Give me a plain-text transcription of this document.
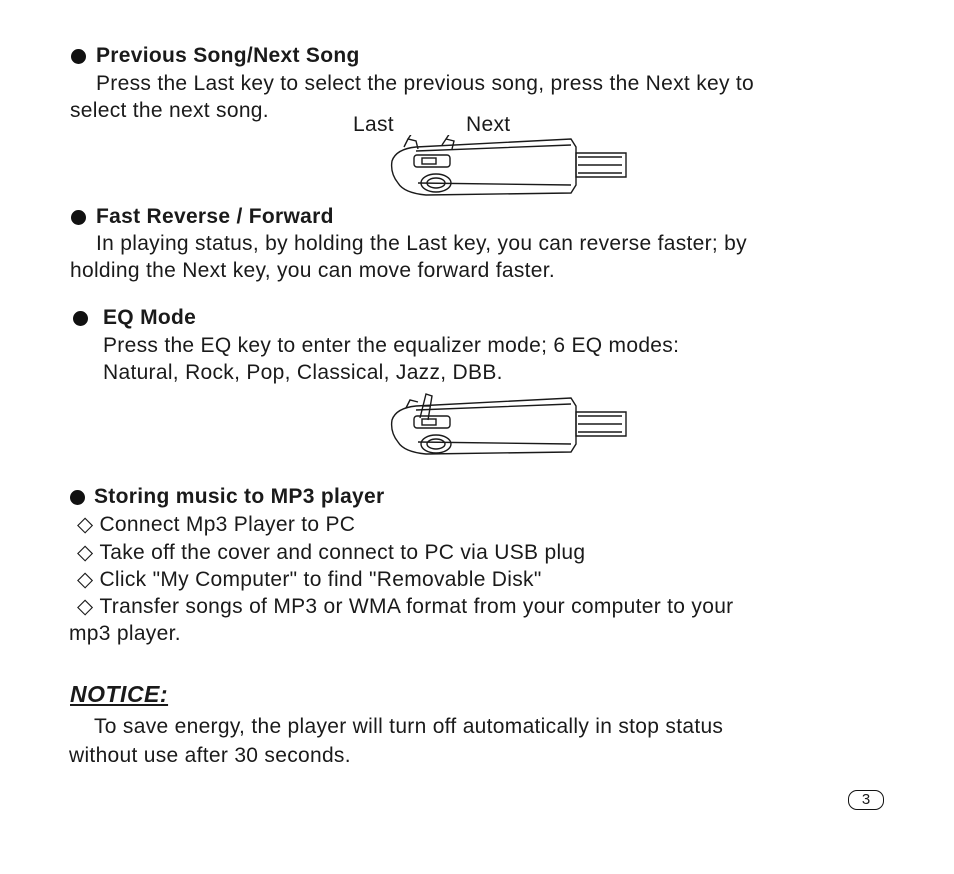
Previous Song/Next Song
Press the Last key to select the previous song, press the Next key to
select the next song.
Last	Next
Fast Reverse / Forward
In playing status, by holding the Last key, you can reverse faster; by
holding the Next key, you can move forward faster.
EQ Mode
Press the EQ key to enter the equalizer mode; 6 EQ modes:
Natural, Rock, Pop, Classical, Jazz, DBB.
Storing music to MP3 player
◇ Connect Mp3 Player to PC
◇ Take off the cover and connect to PC via USB plug
◇ Click "My Computer" to find "Removable Disk"
◇ Transfer songs of MP3 or WMA format from your computer to your
mp3 player.
NOTICE:
To save energy, the player will turn off automatically in stop status
without use after 30 seconds.
3
